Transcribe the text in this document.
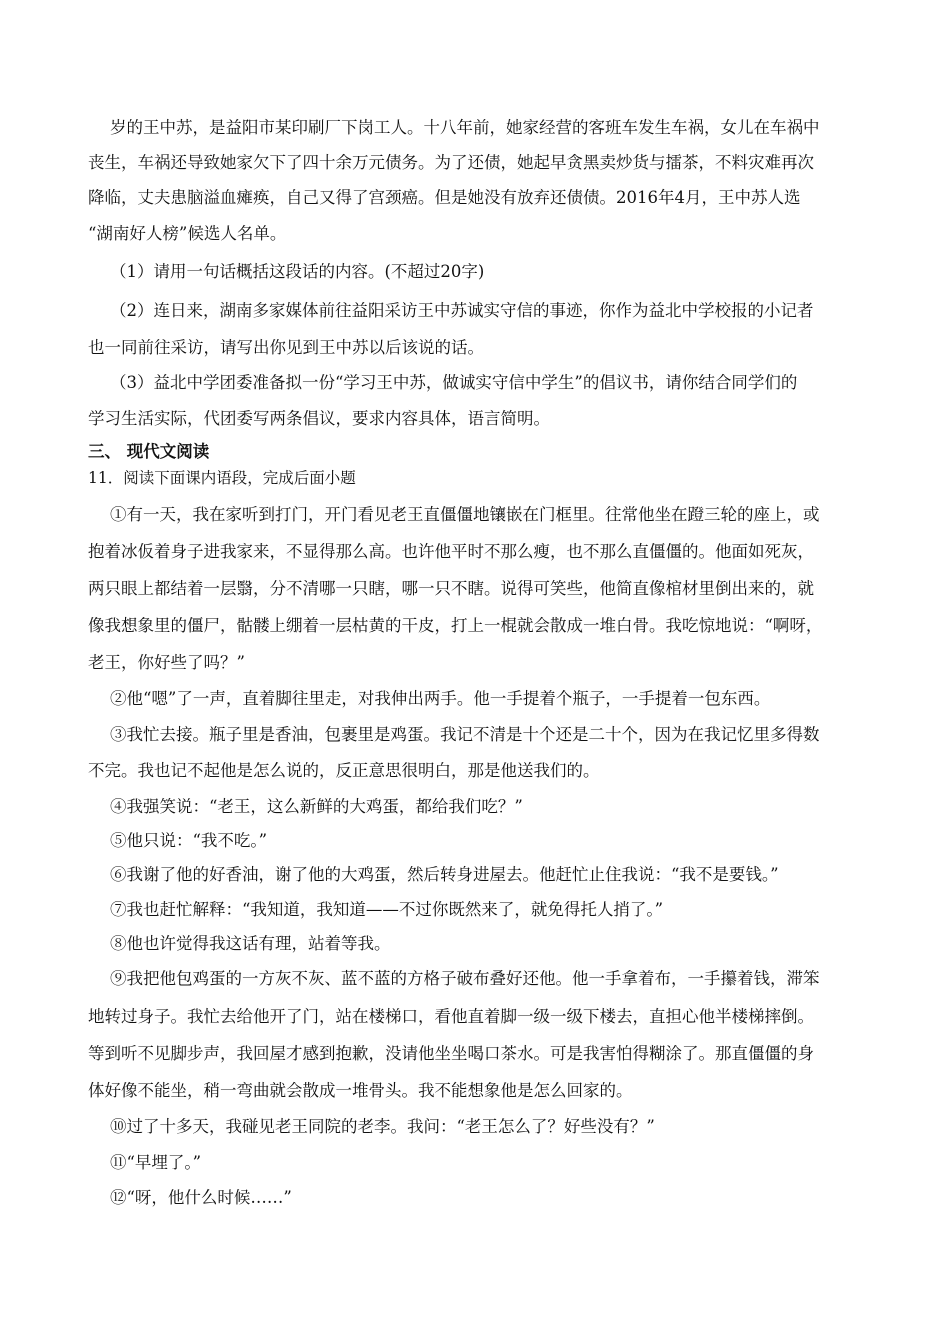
岁的王中苏，是益阳市某印刷厂下岗工人。十八年前，她家经营的客班车发生车祸，女儿在车祸中
丧生，车祸还导致她家欠下了四十余万元债务。为了还债，她起早贪黑卖炒货与擂茶，不料灾难再次
降临，丈夫患脑溢血瘫痪，自己又得了宫颈癌。但是她没有放弃还债债。2016年4月，王中苏人选
“湖南好人榜”候选人名单。
（1）请用一句话概括这段话的内容。(不超过20字)
（2）连日来，湖南多家媒体前往益阳采访王中苏诚实守信的事迹，你作为益北中学校报的小记者
也一同前往采访，请写出你见到王中苏以后该说的话。
（3）益北中学团委准备拟一份“学习王中苏，做诚实守信中学生”的倡议书，请你结合同学们的
学习生活实际，代团委写两条倡议，要求内容具体，语言简明。
三、 现代文阅读
11．阅读下面课内语段，完成后面小题
①有一天，我在家听到打门，开门看见老王直僵僵地镶嵌在门框里。往常他坐在蹬三轮的座上，或
抱着冰仮着身子进我家来，不显得那么高。也许他平时不那么瘦，也不那么直僵僵的。他面如死灰，
两只眼上都结着一层翳，分不清哪一只瞎，哪一只不瞎。说得可笑些，他简直像棺材里倒出来的，就
像我想象里的僵尸，骷髅上绷着一层枯黄的干皮，打上一棍就会散成一堆白骨。我吃惊地说：“啊呀，
老王，你好些了吗？”
②他“嗯”了一声，直着脚往里走，对我伸出两手。他一手提着个瓶子，一手提着一包东西。
③我忙去接。瓶子里是香油，包裹里是鸡蛋。我记不清是十个还是二十个，因为在我记忆里多得数
不完。我也记不起他是怎么说的，反正意思很明白，那是他送我们的。
④我强笑说：“老王，这么新鲜的大鸡蛋，都给我们吃？”
⑤他只说：“我不吃。”
⑥我谢了他的好香油，谢了他的大鸡蛋，然后转身进屋去。他赶忙止住我说：“我不是要钱。”
⑦我也赶忙解释：“我知道，我知道——不过你既然来了，就免得托人捎了。”
⑧他也许觉得我这话有理，站着等我。
⑨我把他包鸡蛋的一方灰不灰、蓝不蓝的方格子破布叠好还他。他一手拿着布，一手攥着钱，滞笨
地转过身子。我忙去给他开了门，站在楼梯口，看他直着脚一级一级下楼去，直担心他半楼梯摔倒。
等到听不见脚步声，我回屋才感到抱歉，没请他坐坐喝口茶水。可是我害怕得糊涂了。那直僵僵的身
体好像不能坐，稍一弯曲就会散成一堆骨头。我不能想象他是怎么回家的。
⑩过了十多天，我碰见老王同院的老李。我问：“老王怎么了？好些没有？”
⑪“早埋了。”
⑫“呀，他什么时候……”
